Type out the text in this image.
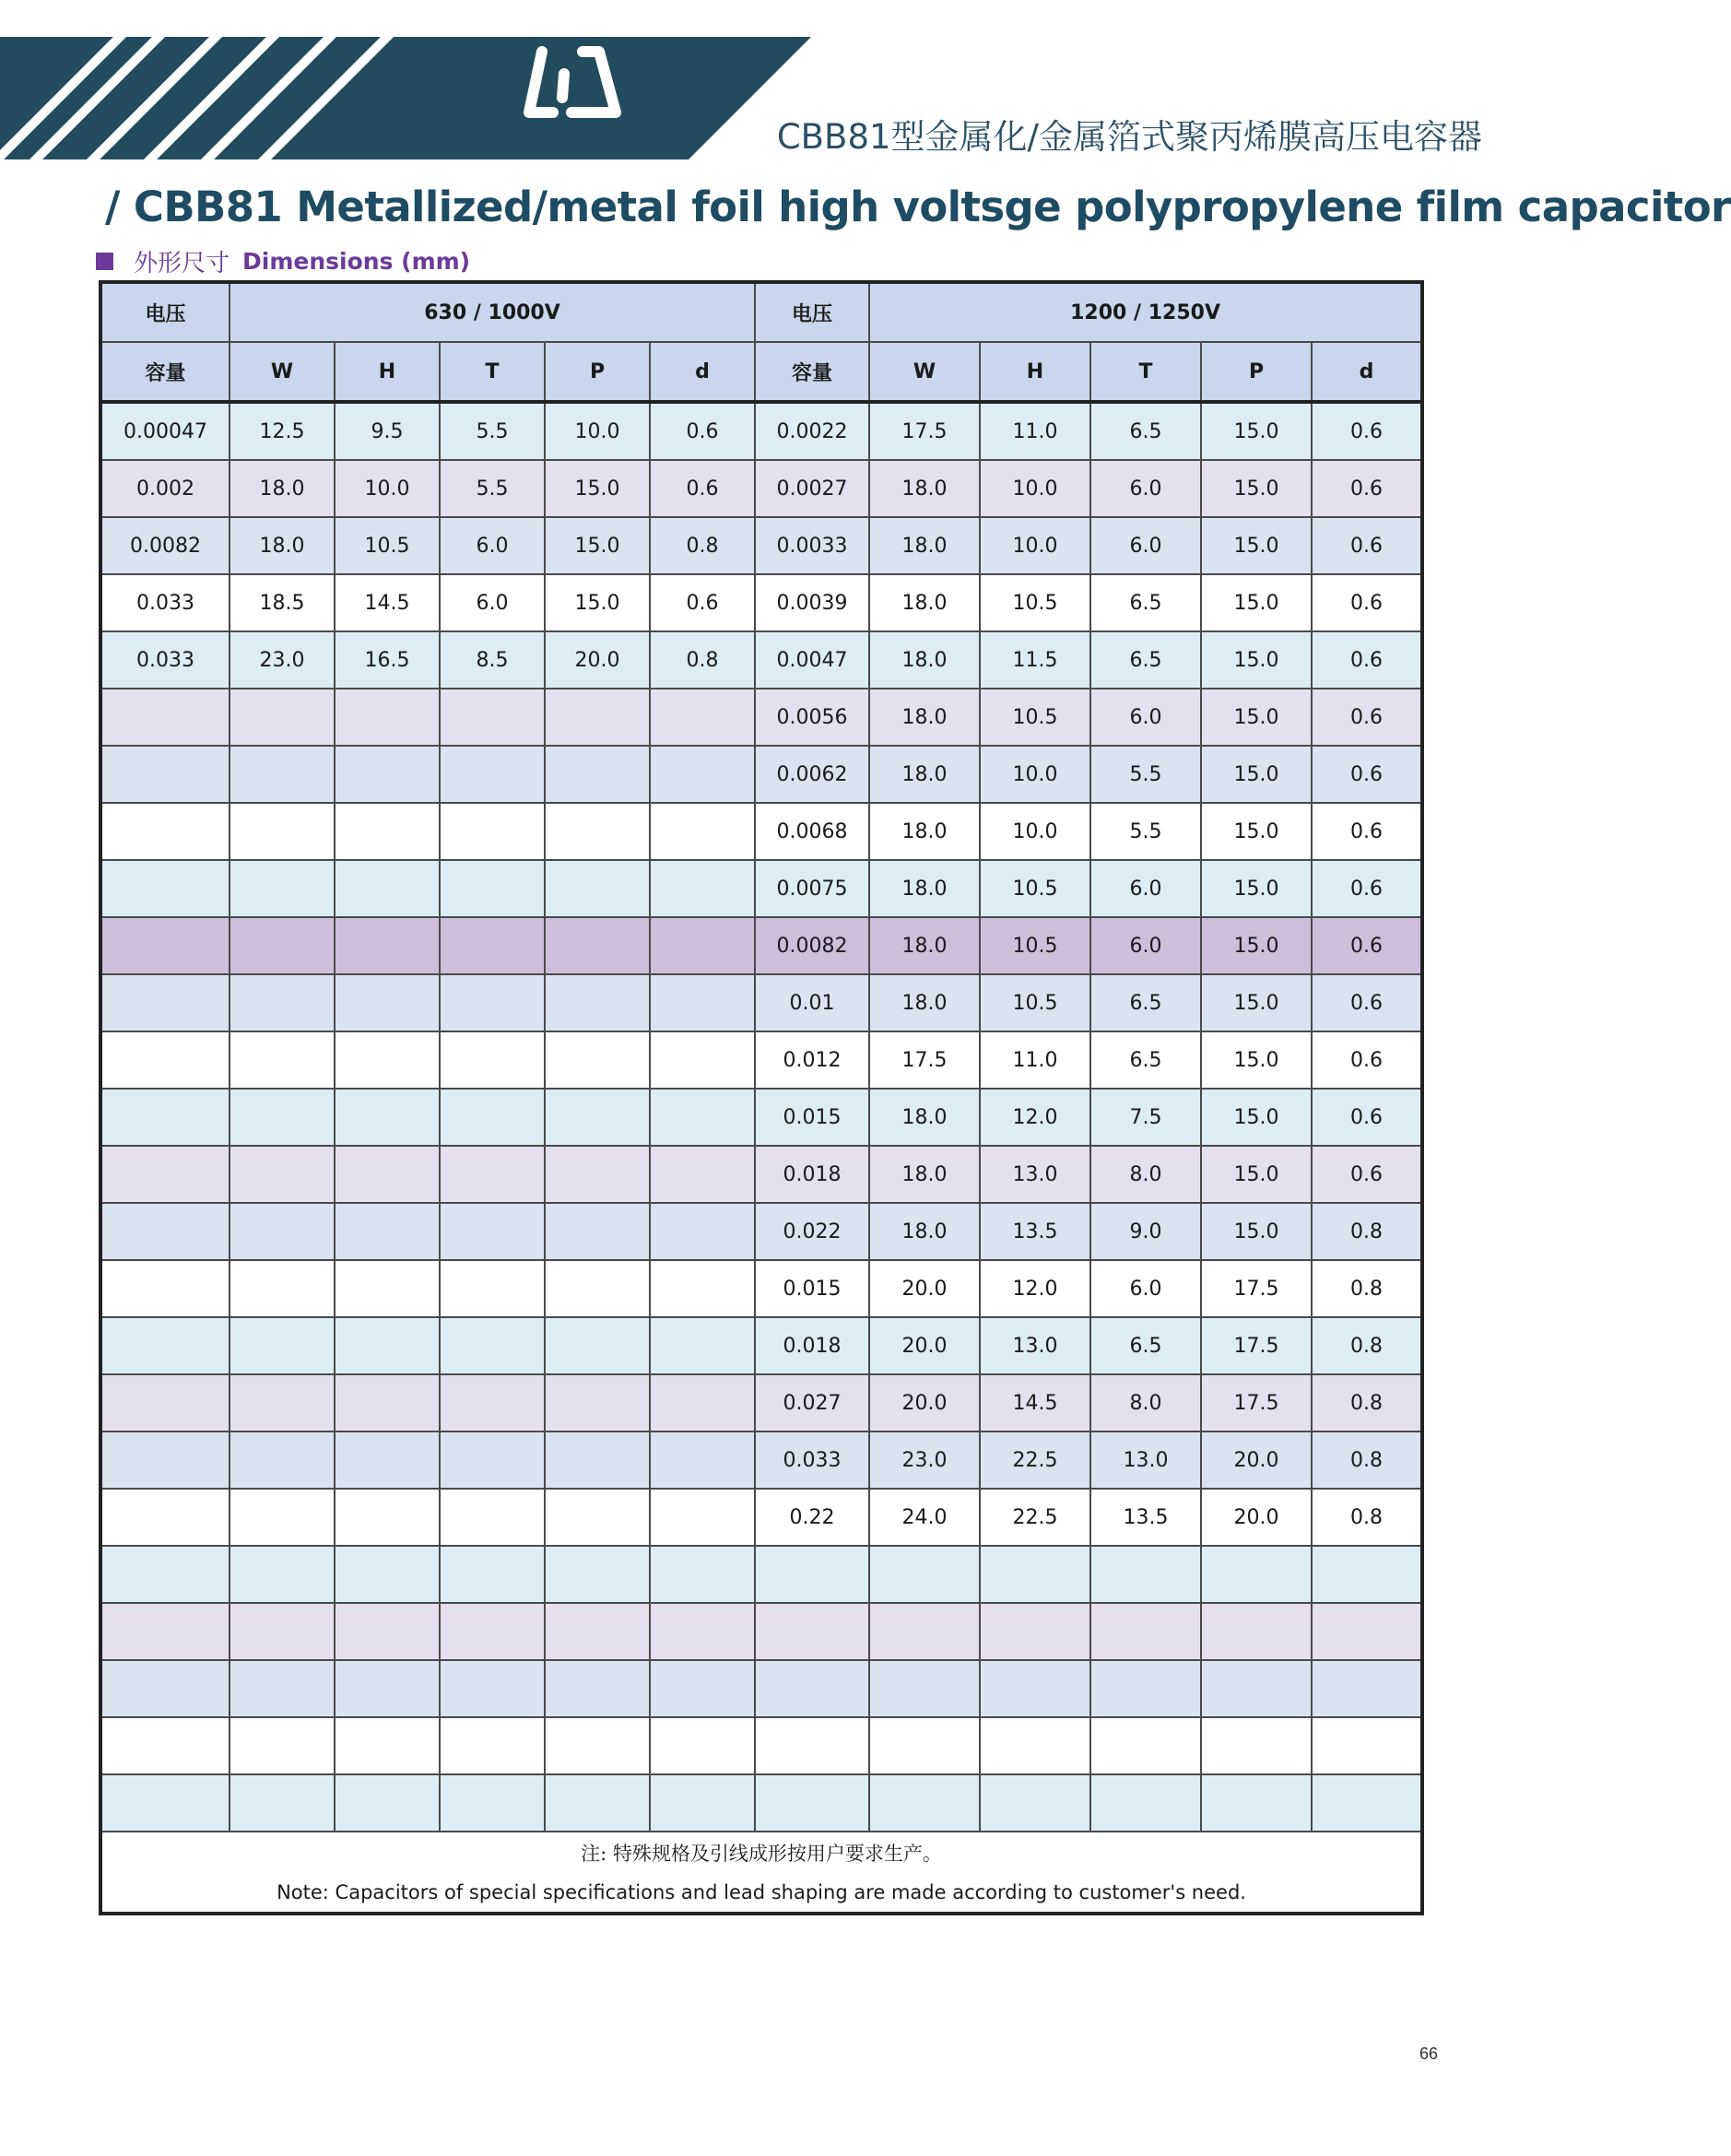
CBB81型金属化/金属箔式聚丙烯膜高压电容器
/ CBB81 Metallized/metal foil high voltsge polypropylene film capacitor
外形尺寸 Dimensions (mm)
电压	630 / 1000V					电压	1200 / 1250V				
容量	W	H	T	P	d	容量	W	H	T	P	d
0.00047	12.5	9.5	5.5	10.0	0.6	0.0022	17.5	11.0	6.5	15.0	0.6
0.002	18.0	10.0	5.5	15.0	0.6	0.0027	18.0	10.0	6.0	15.0	0.6
0.0082	18.0	10.5	6.0	15.0	0.8	0.0033	18.0	10.0	6.0	15.0	0.6
0.033	18.5	14.5	6.0	15.0	0.6	0.0039	18.0	10.5	6.5	15.0	0.6
0.033	23.0	16.5	8.5	20.0	0.8	0.0047	18.0	11.5	6.5	15.0	0.6
						0.0056	18.0	10.5	6.0	15.0	0.6
						0.0062	18.0	10.0	5.5	15.0	0.6
						0.0068	18.0	10.0	5.5	15.0	0.6
						0.0075	18.0	10.5	6.0	15.0	0.6
						0.0082	18.0	10.5	6.0	15.0	0.6
						0.01	18.0	10.5	6.5	15.0	0.6
						0.012	17.5	11.0	6.5	15.0	0.6
						0.015	18.0	12.0	7.5	15.0	0.6
						0.018	18.0	13.0	8.0	15.0	0.6
						0.022	18.0	13.5	9.0	15.0	0.8
						0.015	20.0	12.0	6.0	17.5	0.8
						0.018	20.0	13.0	6.5	17.5	0.8
						0.027	20.0	14.5	8.0	17.5	0.8
						0.033	23.0	22.5	13.0	20.0	0.8
						0.22	24.0	22.5	13.5	20.0	0.8

注: 特殊规格及引线成形按用户要求生产。
Note: Capacitors of special specifications and lead shaping are made according to customer's need.											
66
